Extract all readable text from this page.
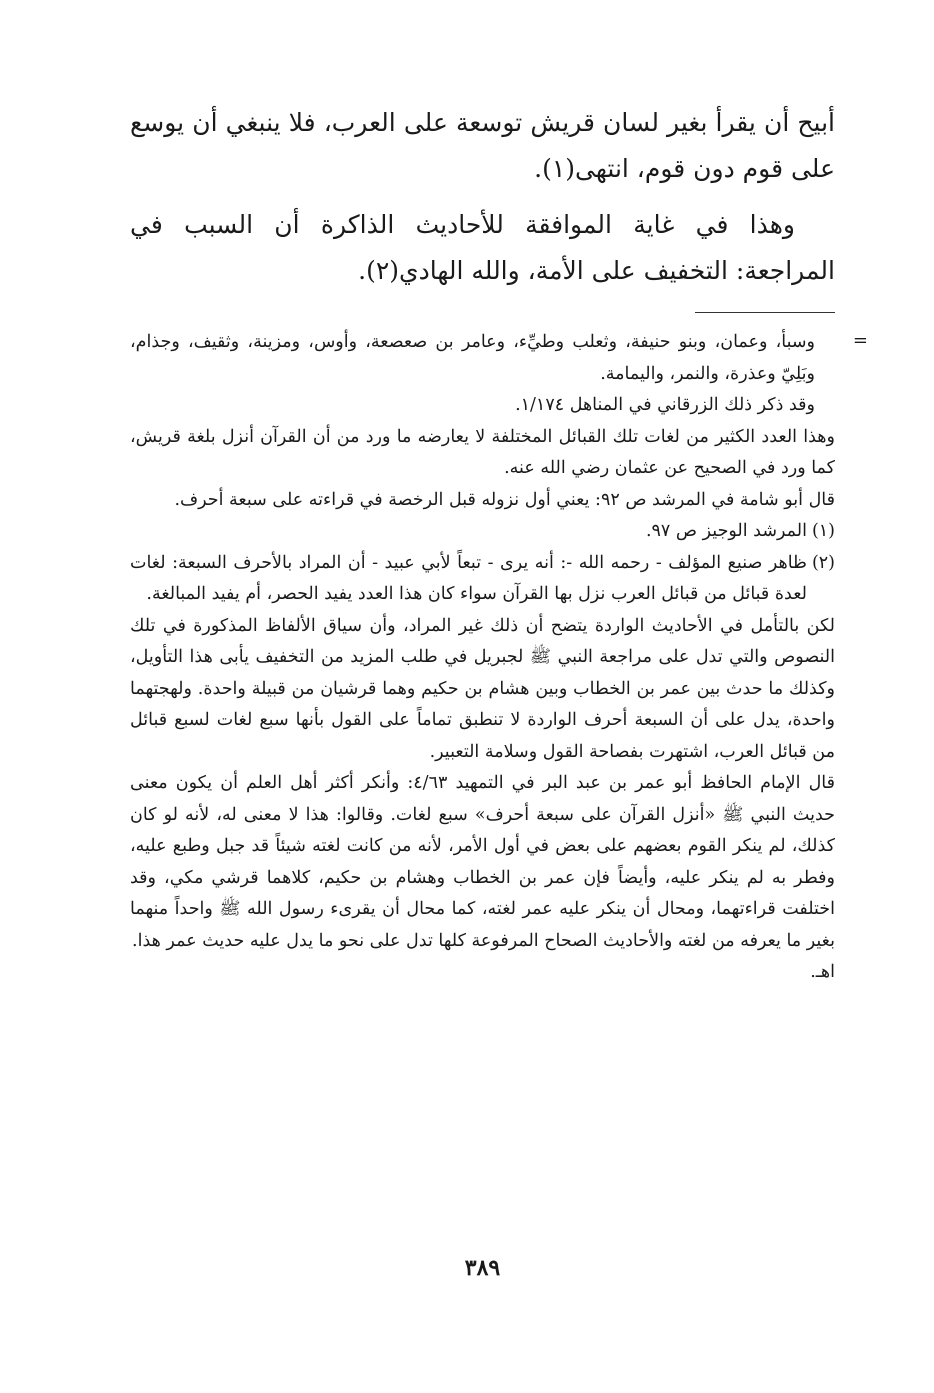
أبيح أن يقرأ بغير لسان قريش توسعة على العرب، فلا ينبغي أن يوسع على قوم دون قوم، انتهى(١).

وهذا في غاية الموافقة للأحاديث الذاكرة أن السبب في المراجعة: التخفيف على الأمة، والله الهادي(٢).

=

وسبأ، وعمان، وبنو حنيفة، وثعلب وطيِّء، وعامر بن صعصعة، وأوس، ومزينة، وثقيف، وجذام، وبَلِيّ وعذرة، والنمر، واليمامة.

وقد ذكر ذلك الزرقاني في المناهل ١/١٧٤.

وهذا العدد الكثير من لغات تلك القبائل المختلفة لا يعارضه ما ورد من أن القرآن أنزل بلغة قريش، كما ورد في الصحيح عن عثمان رضي الله عنه.

قال أبو شامة في المرشد ص ٩٢: يعني أول نزوله قبل الرخصة في قراءته على سبعة أحرف.

(١)

المرشد الوجيز ص ٩٧.

(٢)

ظاهر صنيع المؤلف - رحمه الله -: أنه يرى - تبعاً لأبي عبيد - أن المراد بالأحرف السبعة: لغات لعدة قبائل من قبائل العرب نزل بها القرآن سواء كان هذا العدد يفيد الحصر، أم يفيد المبالغة.

لكن بالتأمل في الأحاديث الواردة يتضح أن ذلك غير المراد، وأن سياق الألفاظ المذكورة في تلك النصوص والتي تدل على مراجعة النبي ﷺ لجبريل في طلب المزيد من التخفيف يأبى هذا التأويل، وكذلك ما حدث بين عمر بن الخطاب وبين هشام بن حكيم وهما قرشيان من قبيلة واحدة. ولهجتهما واحدة، يدل على أن السبعة أحرف الواردة لا تنطبق تماماً على القول بأنها سبع لغات لسبع قبائل من قبائل العرب، اشتهرت بفصاحة القول وسلامة التعبير.

قال الإمام الحافظ أبو عمر بن عبد البر في التمهيد ٤/٦٣: وأنكر أكثر أهل العلم أن يكون معنى حديث النبي ﷺ «أنزل القرآن على سبعة أحرف» سبع لغات. وقالوا: هذا لا معنى له، لأنه لو كان كذلك، لم ينكر القوم بعضهم على بعض في أول الأمر، لأنه من كانت لغته شيئاً قد جبل وطبع عليه، وفطر به لم ينكر عليه، وأيضاً فإن عمر بن الخطاب وهشام بن حكيم، كلاهما قرشي مكي، وقد اختلفت قراءتهما، ومحال أن ينكر عليه عمر لغته، كما محال أن يقرىء رسول الله ﷺ واحداً منهما بغير ما يعرفه من لغته والأحاديث الصحاح المرفوعة كلها تدل على نحو ما يدل عليه حديث عمر هذا.

اهـ.

٣٨٩
